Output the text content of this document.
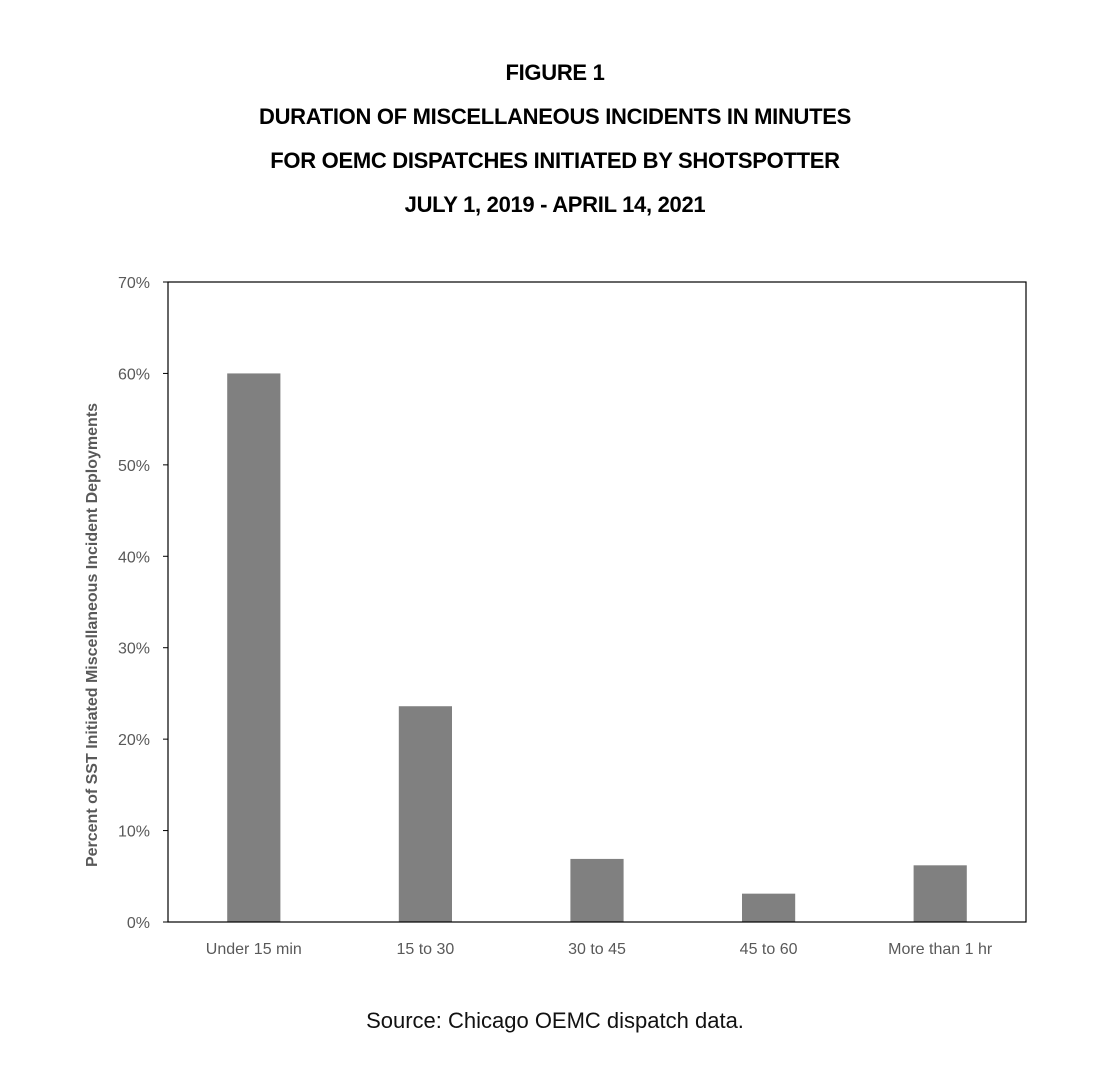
FIGURE 1
DURATION OF MISCELLANEOUS INCIDENTS IN MINUTES
FOR OEMC DISPATCHES INITIATED BY SHOTSPOTTER
JULY 1, 2019 - APRIL 14, 2021
0%
10%
20%
30%
40%
50%
60%
70%
Under 15 min	15 to 30	30 to 45	45 to 60	More than 1 hr
Percent of SST Initiated Miscellaneous Incident Deployments
Source: Chicago OEMC dispatch data.
